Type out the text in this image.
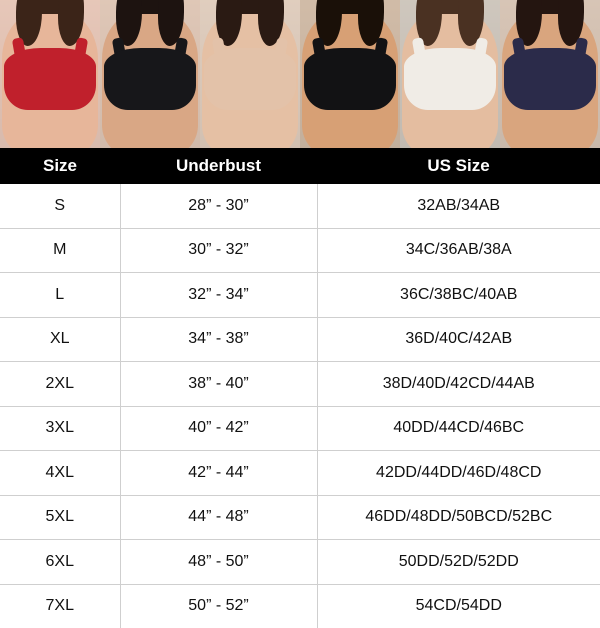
Size	Underbust	US Size
S	28” - 30”	32AB/34AB
M	30” - 32”	34C/36AB/38A
L	32” - 34”	36C/38BC/40AB
XL	34” - 38”	36D/40C/42AB
2XL	38” - 40”	38D/40D/42CD/44AB
3XL	40” - 42”	40DD/44CD/46BC
4XL	42” - 44”	42DD/44DD/46D/48CD
5XL	44” - 48”	46DD/48DD/50BCD/52BC
6XL	48” - 50”	50DD/52D/52DD
7XL	50” - 52”	54CD/54DD
